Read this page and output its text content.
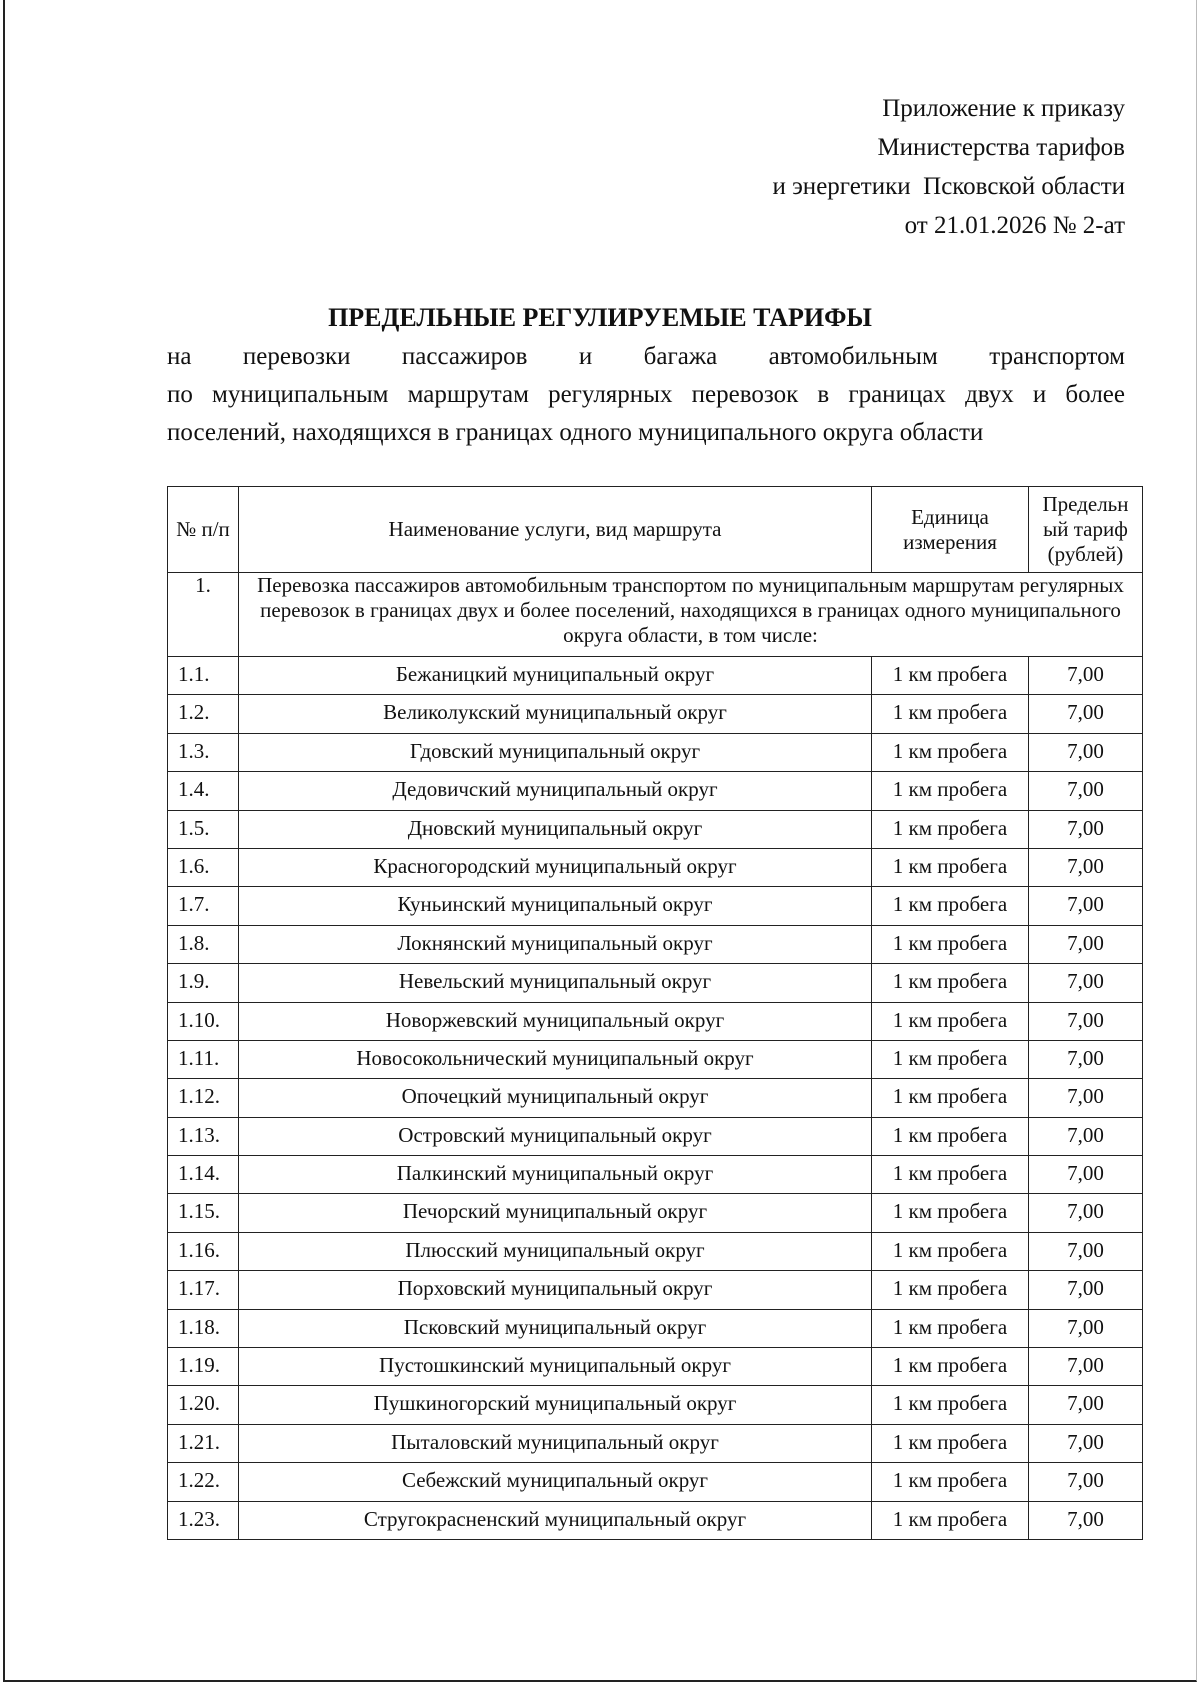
Приложение к приказу
Министерства тарифов
и энергетики  Псковской области
от 21.01.2026 № 2-ат
ПРЕДЕЛЬНЫЕ РЕГУЛИРУЕМЫЕ ТАРИФЫ

на перевозки пассажиров и багажа автомобильным транспортом
по муниципальным маршрутам регулярных перевозок в границах двух и более поселений, находящихся в границах одного муниципального округа области

№ п/п	Наименование услуги, вид маршрута	Единица измерения	Предельн ый тариф (рублей)
1.	Перевозка пассажиров автомобильным транспортом по муниципальным маршрутам регулярных перевозок в границах двух и более поселений, находящихся в границах одного муниципального округа области, в том числе:		
1.1.	Бежаницкий муниципальный округ	1 км пробега	7,00
1.2.	Великолукский муниципальный округ	1 км пробега	7,00
1.3.	Гдовский муниципальный округ	1 км пробега	7,00
1.4.	Дедовичский муниципальный округ	1 км пробега	7,00
1.5.	Дновский муниципальный округ	1 км пробега	7,00
1.6.	Красногородский муниципальный округ	1 км пробега	7,00
1.7.	Куньинский муниципальный округ	1 км пробега	7,00
1.8.	Локнянский муниципальный округ	1 км пробега	7,00
1.9.	Невельский муниципальный округ	1 км пробега	7,00
1.10.	Новоржевский муниципальный округ	1 км пробега	7,00
1.11.	Новосокольнический муниципальный округ	1 км пробега	7,00
1.12.	Опочецкий муниципальный округ	1 км пробега	7,00
1.13.	Островский муниципальный округ	1 км пробега	7,00
1.14.	Палкинский муниципальный округ	1 км пробега	7,00
1.15.	Печорский муниципальный округ	1 км пробега	7,00
1.16.	Плюсский муниципальный округ	1 км пробега	7,00
1.17.	Порховский муниципальный округ	1 км пробега	7,00
1.18.	Псковский муниципальный округ	1 км пробега	7,00
1.19.	Пустошкинский муниципальный округ	1 км пробега	7,00
1.20.	Пушкиногорский муниципальный округ	1 км пробега	7,00
1.21.	Пыталовский муниципальный округ	1 км пробега	7,00
1.22.	Себежский муниципальный округ	1 км пробега	7,00
1.23.	Стругокрасненский муниципальный округ	1 км пробега	7,00
